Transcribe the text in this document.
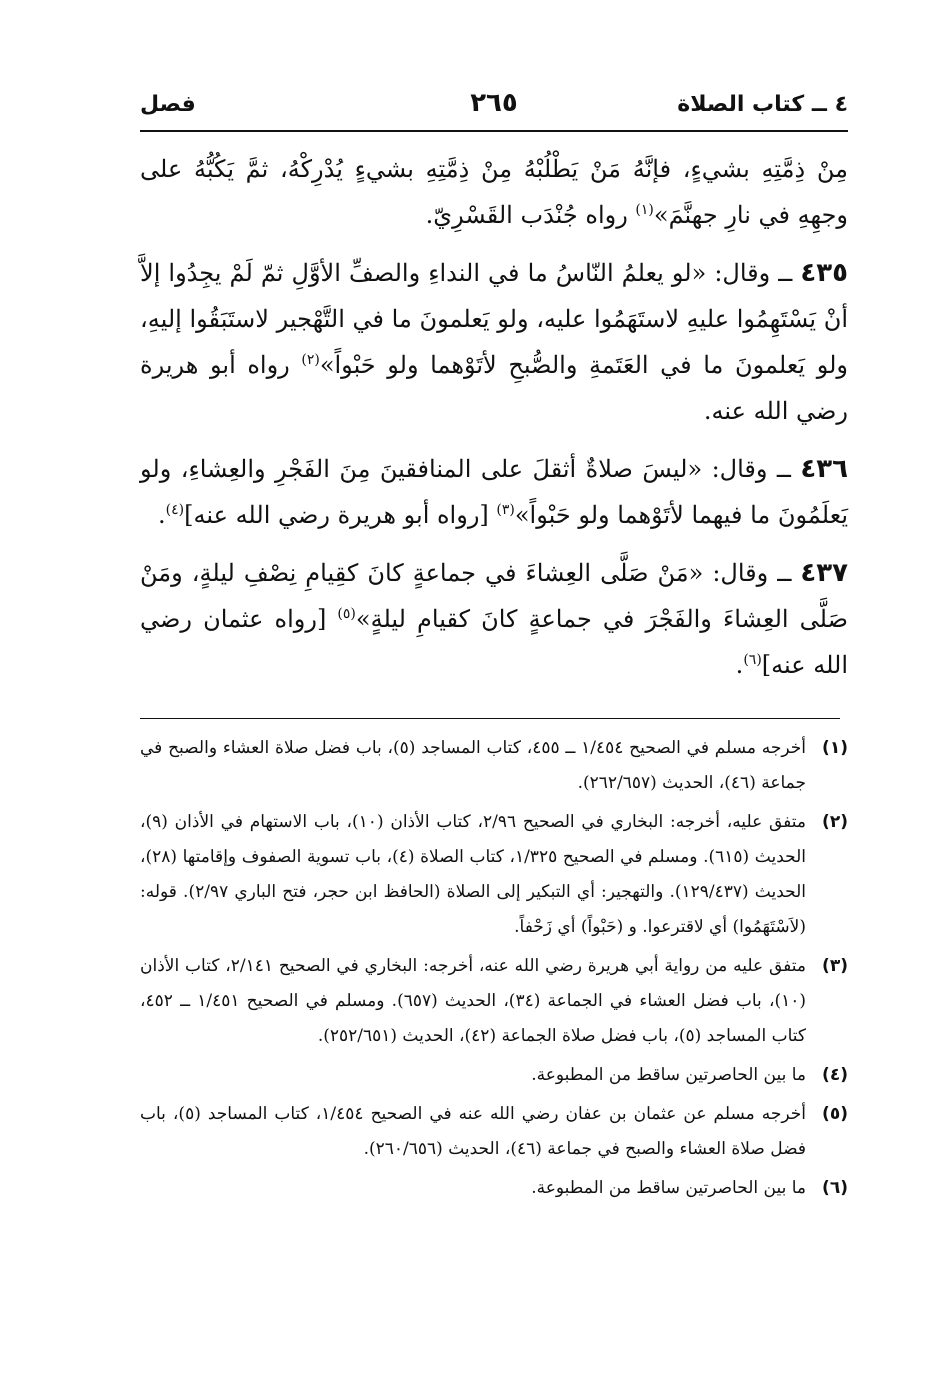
٤ ــ كتاب الصلاة
٢٦٥
فصل

مِنْ ذِمَّتِهِ بشيءٍ، فإنَّهُ مَنْ يَطْلُبْهُ مِنْ ذِمَّتِهِ بشيءٍ يُدْرِكْهُ، ثمَّ يَكُبُّهُ على وجهِهِ في نارِ جهنَّمَ»$^{(١)}$ رواه جُنْدَب القَسْرِيّ.

٤٣٥ ــ وقال: «لو يعلمُ النّاسُ ما في النداءِ والصفِّ الأوَّلِ ثمّ لَمْ يجِدُوا إلاَّ أنْ يَسْتَهِمُوا عليهِ لاستَهَمُوا عليه، ولو يَعلمونَ ما في التَّهْجير لاستَبَقُوا إليهِ، ولو يَعلمونَ ما في العَتَمةِ والصُّبحِ لأتَوْهما ولو حَبْواً»$^{(٢)}$ رواه أبو هريرة رضي الله عنه.

٤٣٦ ــ وقال: «ليسَ صلاةٌ أثقلَ على المنافقينَ مِنَ الفَجْرِ والعِشاءِ، ولو يَعلَمُونَ ما فيهما لأتَوْهما ولو حَبْواً»$^{(٣)}$ [رواه أبو هريرة رضي الله عنه]$^{(٤)}$.

٤٣٧ ــ وقال: «مَنْ صَلَّى العِشاءَ في جماعةٍ كانَ كقِيامِ نِصْفِ ليلةٍ، ومَنْ صَلَّى العِشاءَ والفَجْرَ في جماعةٍ كانَ كقيامِ ليلةٍ»$^{(٥)}$ [رواه عثمان رضي الله عنه]$^{(٦)}$.

(١)
أخرجه مسلم في الصحيح ١/٤٥٤ ــ ٤٥٥، كتاب المساجد (٥)، باب فضل صلاة العشاء والصبح في جماعة (٤٦)، الحديث (٢٦٢/٦٥٧).
(٢)
متفق عليه، أخرجه: البخاري في الصحيح ٢/٩٦، كتاب الأذان (١٠)، باب الاستهام في الأذان (٩)، الحديث (٦١٥). ومسلم في الصحيح ١/٣٢٥، كتاب الصلاة (٤)، باب تسوية الصفوف وإقامتها (٢٨)، الحديث (١٢٩/٤٣٧). والتهجير: أي التبكير إلى الصلاة (الحافظ ابن حجر، فتح الباري ٢/٩٧). قوله: (لاَسْتَهَمُوا) أي لاقترعوا. و (حَبْواً) أي زَحْفاً.
(٣)
متفق عليه من رواية أبي هريرة رضي الله عنه، أخرجه: البخاري في الصحيح ٢/١٤١، كتاب الأذان (١٠)، باب فضل العشاء في الجماعة (٣٤)، الحديث (٦٥٧). ومسلم في الصحيح ١/٤٥١ ــ ٤٥٢، كتاب المساجد (٥)، باب فضل صلاة الجماعة (٤٢)، الحديث (٢٥٢/٦٥١).
(٤)
ما بين الحاصرتين ساقط من المطبوعة.
(٥)
أخرجه مسلم عن عثمان بن عفان رضي الله عنه في الصحيح ١/٤٥٤، كتاب المساجد (٥)، باب فضل صلاة العشاء والصبح في جماعة (٤٦)، الحديث (٢٦٠/٦٥٦).
(٦)
ما بين الحاصرتين ساقط من المطبوعة.
